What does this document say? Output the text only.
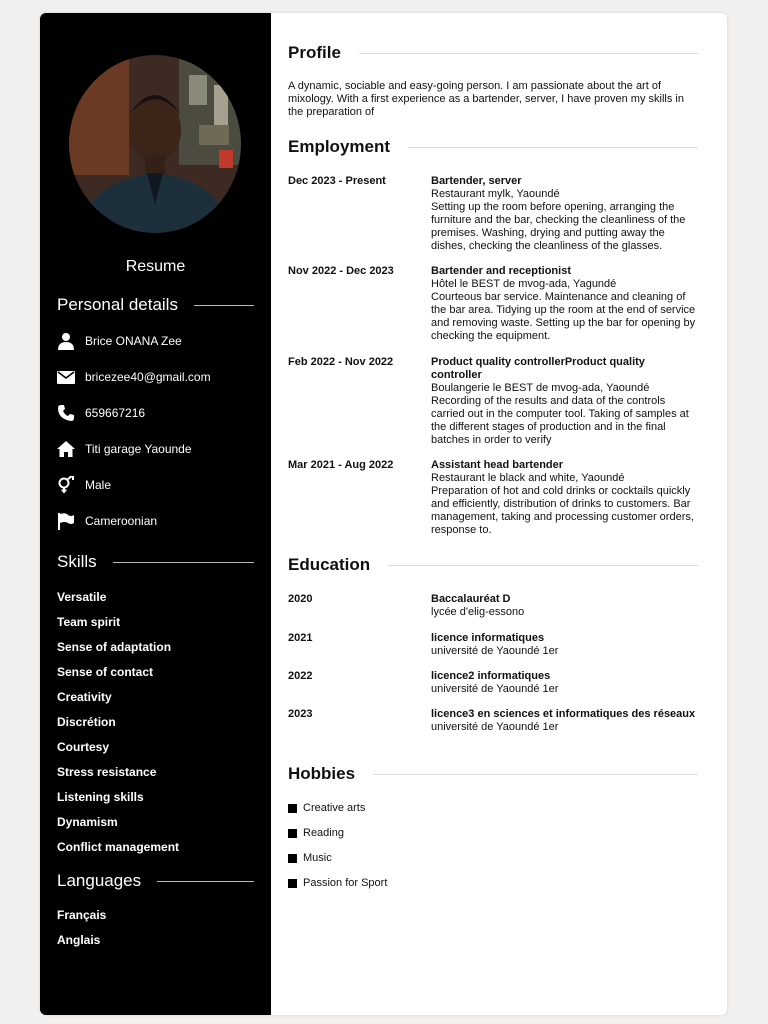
Resume
Personal details
Brice ONANA Zee
bricezee40@gmail.com
659667216
Titi garage Yaounde
Male
Cameroonian
Skills
Versatile
Team spirit
Sense of adaptation
Sense of contact
Creativity
Discrétion
Courtesy
Stress resistance
Listening skills
Dynamism
Conflict management
Languages
Français
Anglais
Profile
A dynamic, sociable and easy-going person. I am passionate about the art of mixology. With a first experience as a bartender, server, I have proven my skills in the preparation of
Employment
Dec 2023 - Present	Bartender, server
Restaurant mylk, Yaoundé
Setting up the room before opening, arranging the furniture and the bar, checking the cleanliness of the premises. Washing, drying and putting away the dishes, checking the cleanliness of the glasses.
Nov 2022 - Dec 2023	Bartender and receptionist
Hôtel le BEST de mvog-ada, Yagundé
Courteous bar service. Maintenance and cleaning of the bar area. Tidying up the room at the end of service and removing waste. Setting up the bar for opening by checking the equipment.
Feb 2022 - Nov 2022	Product quality controllerProduct quality controller
Boulangerie le BEST de mvog-ada, Yaoundé
Recording of the results and data of the controls carried out in the computer tool. Taking of samples at the different stages of production and in the final batches in order to verify
Mar 2021 - Aug 2022	Assistant head bartender
Restaurant le black and white, Yaoundé
Preparation of hot and cold drinks or cocktails quickly and efficiently, distribution of drinks to customers. Bar management, taking and processing customer orders, response to.
Education
2020	Baccalauréat D
lycée d'elig-essono
2021	licence informatiques
université de Yaoundé 1er
2022	licence2 informatiques
université de Yaoundé 1er
2023	licence3 en sciences et informatiques des réseaux
université de Yaoundé 1er
Hobbies
Creative arts
Reading
Music
Passion for Sport
